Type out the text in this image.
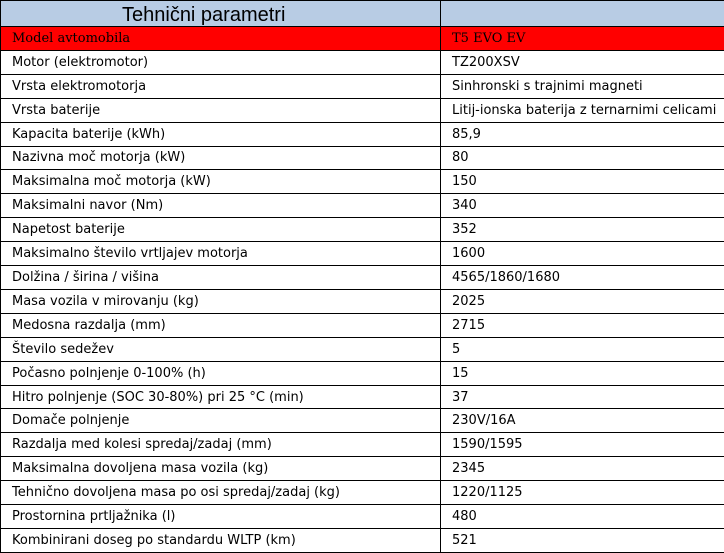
Tehnični parametri	
Model avtomobila	T5 EVO EV
Motor (elektromotor)	TZ200XSV
Vrsta elektromotorja	Sinhronski s trajnimi magneti
Vrsta baterije	Litij-ionska baterija z ternarnimi celicami
Kapacita baterije (kWh)	85,9
Nazivna moč motorja (kW)	80
Maksimalna moč motorja (kW)	150
Maksimalni navor (Nm)	340
Napetost baterije	352
Maksimalno število vrtljajev motorja	1600
Dolžina / širina / višina	4565/1860/1680
Masa vozila v mirovanju (kg)	2025
Medosna razdalja (mm)	2715
Število sedežev	5
Počasno polnjenje 0-100% (h)	15
Hitro polnjenje (SOC 30-80%) pri 25 °C (min)	37
Domače polnjenje	230V/16A
Razdalja med kolesi spredaj/zadaj (mm)	1590/1595
Maksimalna dovoljena masa vozila (kg)	2345
Tehnično dovoljena masa po osi spredaj/zadaj (kg)	1220/1125
Prostornina prtljažnika (l)	480
Kombinirani doseg po standardu WLTP (km)	521
